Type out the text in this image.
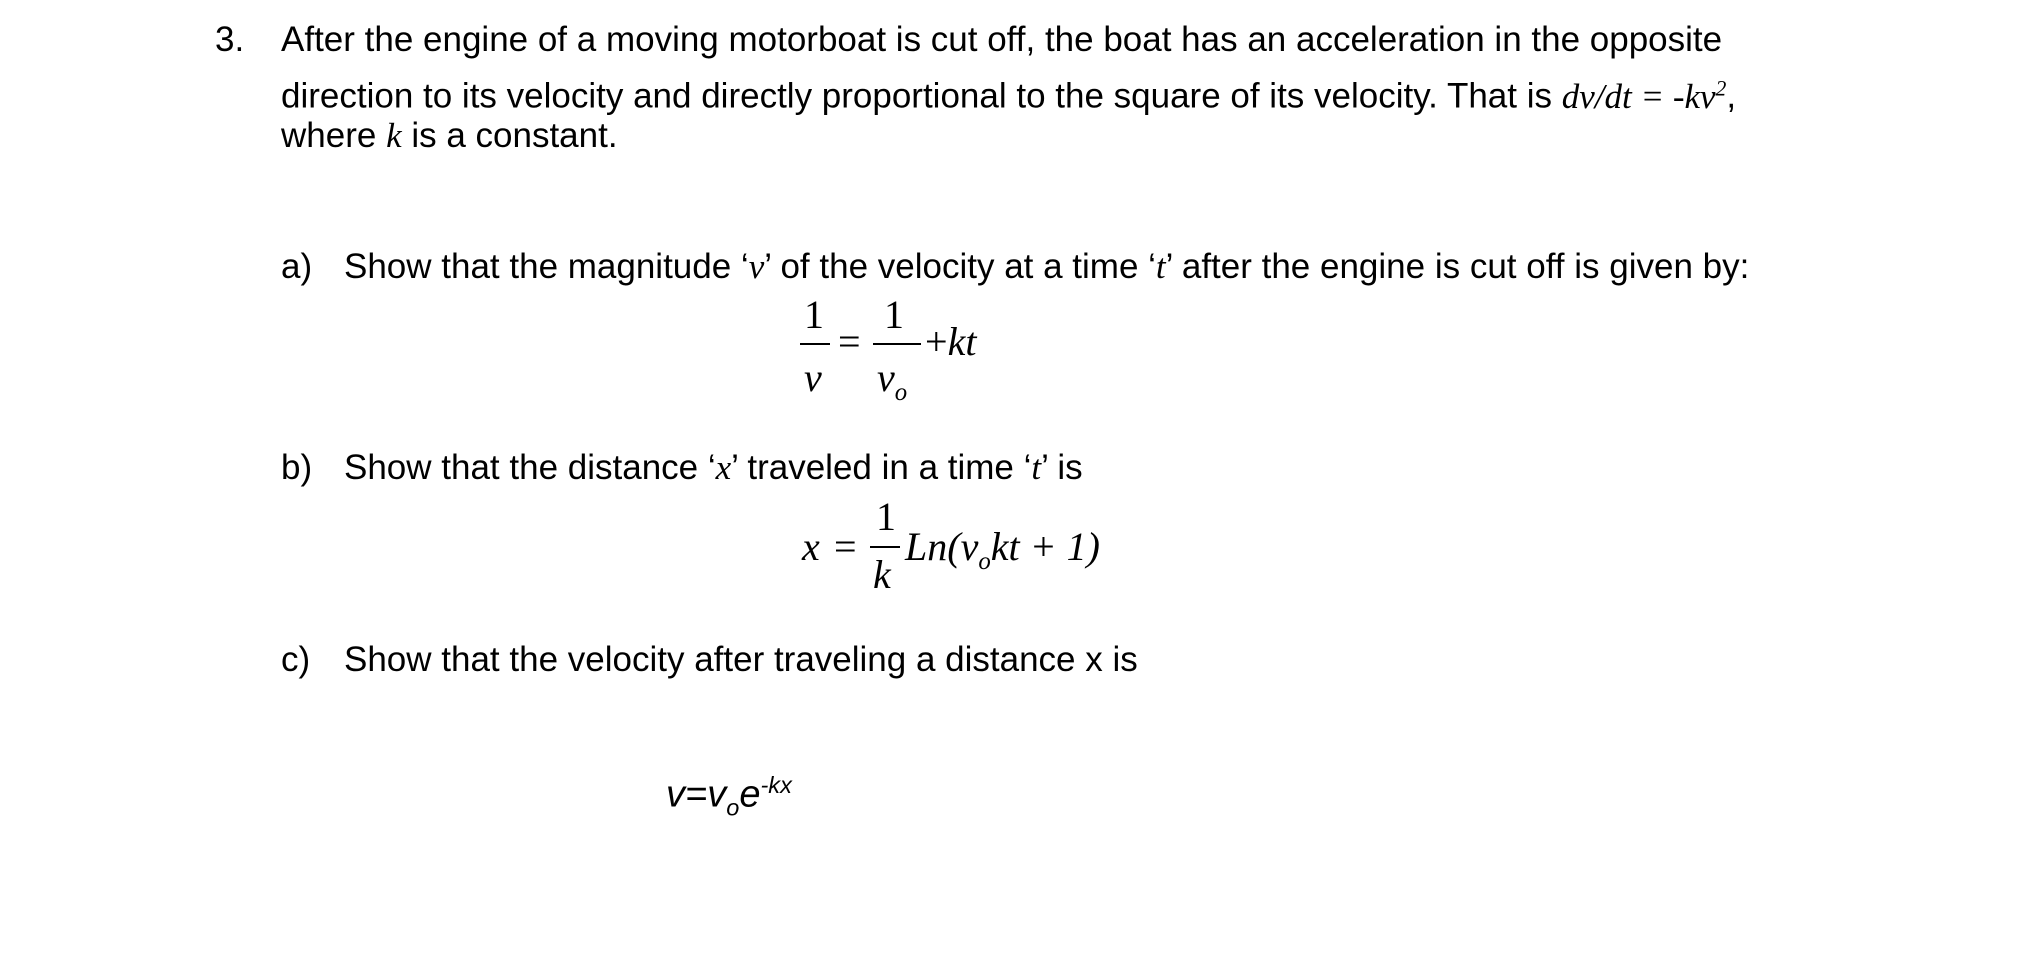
3. After the engine of a moving motorboat is cut off, the boat has an acceleration in the opposite
direction to its velocity and directly proportional to the square of its velocity. That is $dv/dt = -kv^2$,
where k is a constant.
a) Show that the magnitude ‘v’ of the velocity at a time ‘t’ after the engine is cut off is given by:
1
v
=
1
$v_o$
+kt
b) Show that the distance ‘x’ traveled in a time ‘t’ is
x =
1
k
$Ln(v_okt + 1)$
c) Show that the velocity after traveling a distance x is
$v=v_oe^{-kx}$
